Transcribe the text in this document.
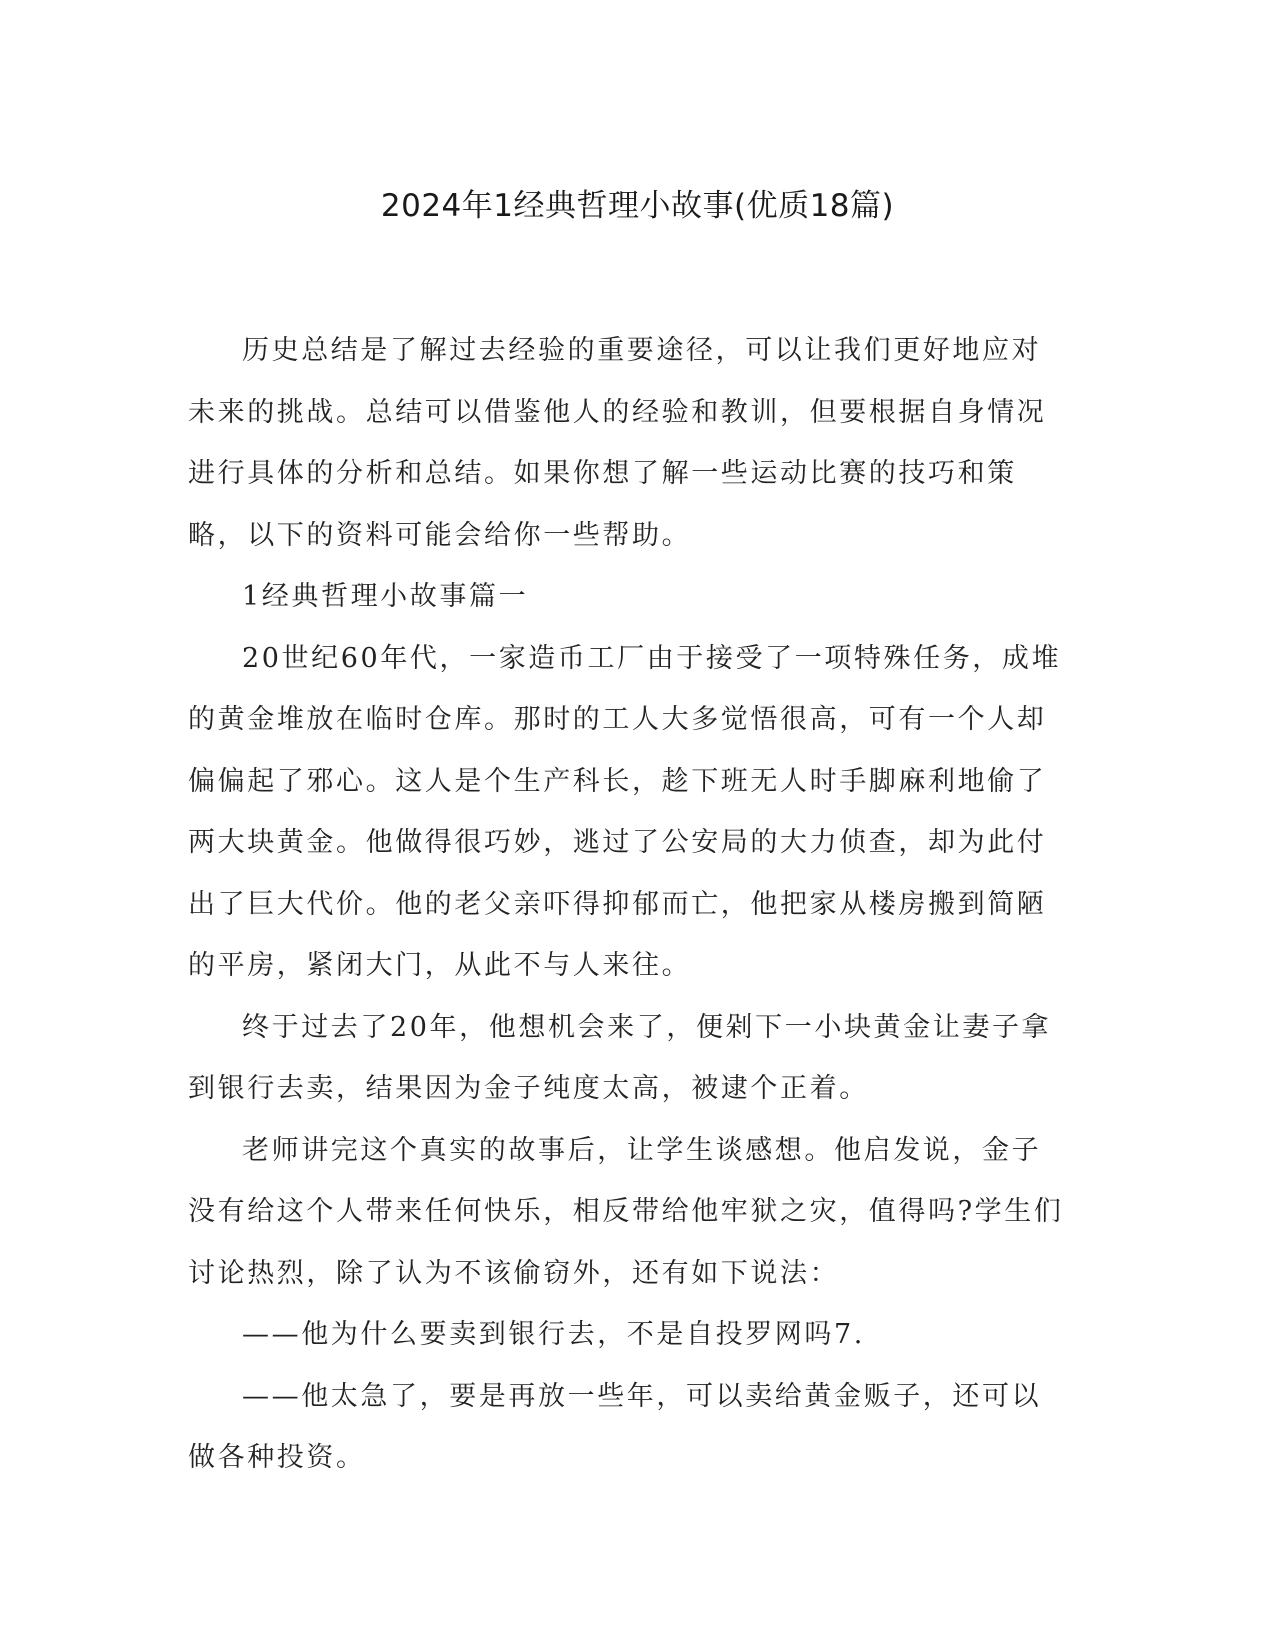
2024年1经典哲理小故事(优质18篇)

历史总结是了解过去经验的重要途径，可以让我们更好地应对未来的挑战。总结可以借鉴他人的经验和教训，但要根据自身情况进行具体的分析和总结。如果你想了解一些运动比赛的技巧和策略，以下的资料可能会给你一些帮助。

1经典哲理小故事篇一

20世纪60年代，一家造币工厂由于接受了一项特殊任务，成堆的黄金堆放在临时仓库。那时的工人大多觉悟很高，可有一个人却偏偏起了邪心。这人是个生产科长，趁下班无人时手脚麻利地偷了两大块黄金。他做得很巧妙，逃过了公安局的大力侦查，却为此付出了巨大代价。他的老父亲吓得抑郁而亡，他把家从楼房搬到简陋的平房，紧闭大门，从此不与人来往。

终于过去了20年，他想机会来了，便剁下一小块黄金让妻子拿到银行去卖，结果因为金子纯度太高，被逮个正着。

老师讲完这个真实的故事后，让学生谈感想。他启发说，金子没有给这个人带来任何快乐，相反带给他牢狱之灾，值得吗?学生们讨论热烈，除了认为不该偷窃外，还有如下说法：

——他为什么要卖到银行去，不是自投罗网吗7.

——他太急了，要是再放一些年，可以卖给黄金贩子，还可以做各种投资。
